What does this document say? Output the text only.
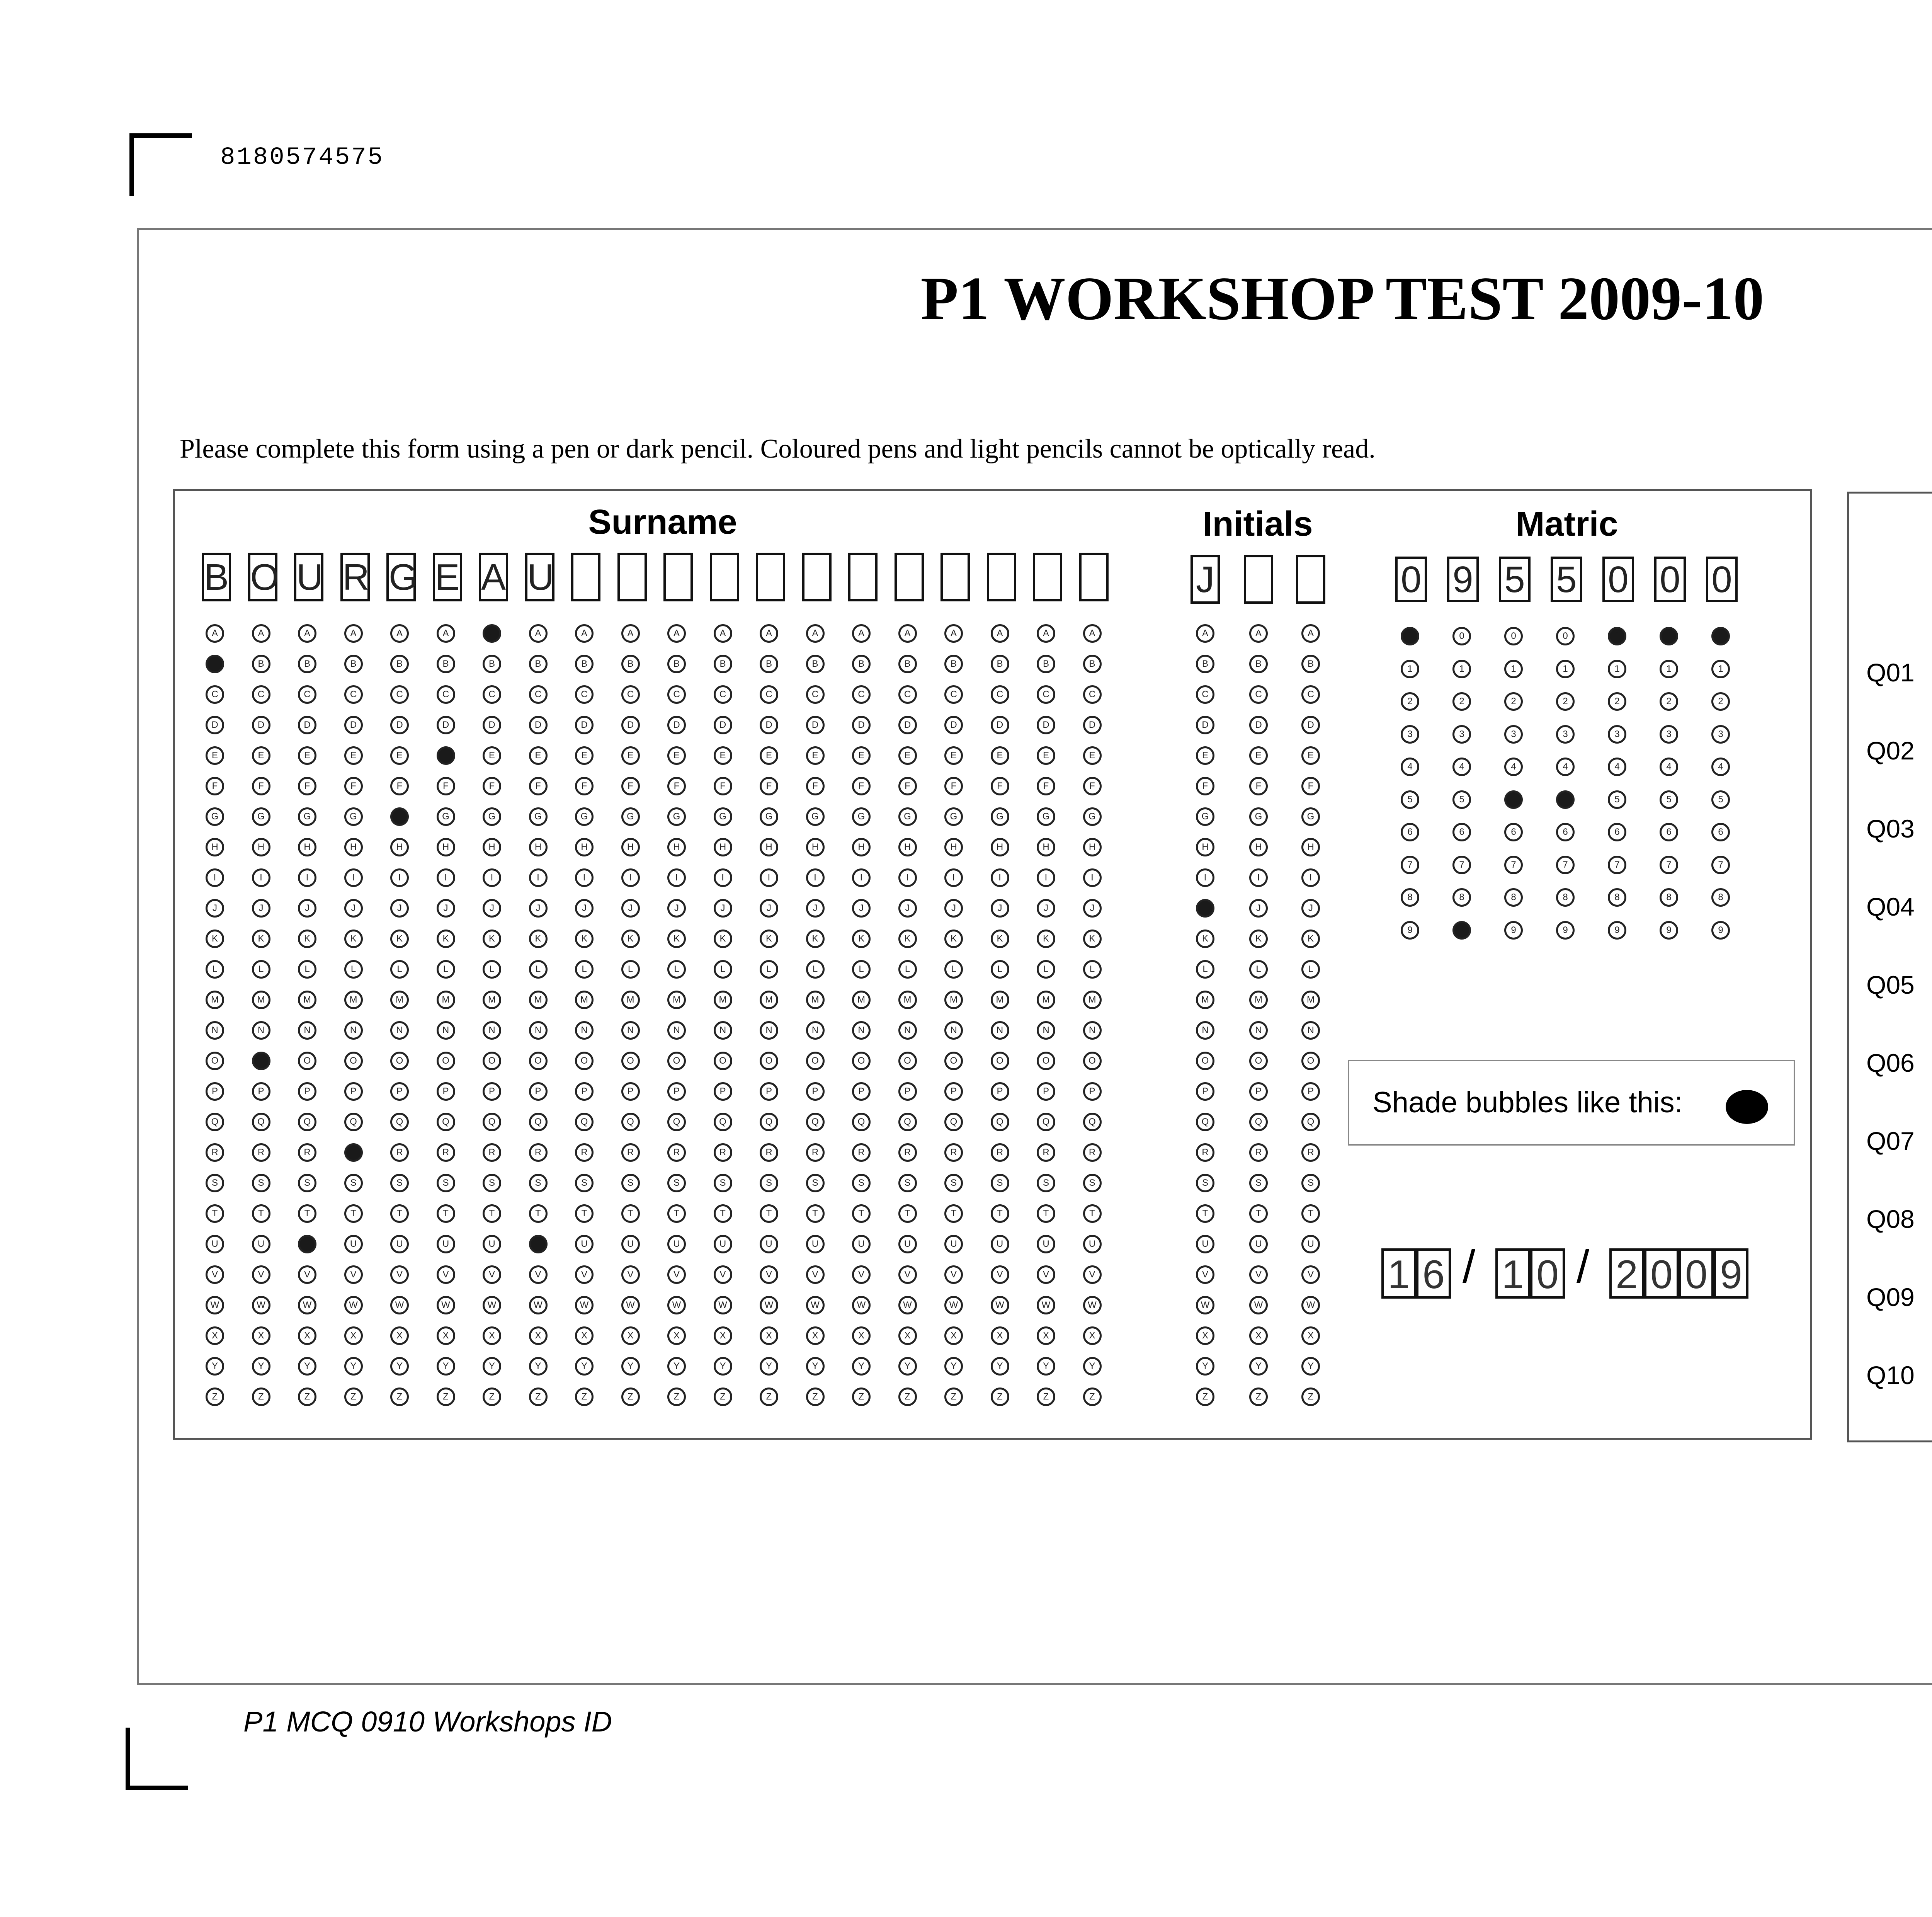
8180574575
P1 WORKSHOP TEST 2009-10
Please complete this form using a pen or dark pencil. Coloured pens and light pencils cannot be optically read.
Surname	Initials	Matric
Shade bubbles like this:
P1 MCQ 0910 Workshops ID
B
A
B
C
D
E
F
G
H
I
J
K
L
M
N
O
P
Q
R
S
T
U
V
W
X
Y
Z
O
A
B
C
D
E
F
G
H
I
J
K
L
M
N
O
P
Q
R
S
T
U
V
W
X
Y
Z
U
A
B
C
D
E
F
G
H
I
J
K
L
M
N
O
P
Q
R
S
T
U
V
W
X
Y
Z
R
A
B
C
D
E
F
G
H
I
J
K
L
M
N
O
P
Q
R
S
T
U
V
W
X
Y
Z
G
A
B
C
D
E
F
G
H
I
J
K
L
M
N
O
P
Q
R
S
T
U
V
W
X
Y
Z
E
A
B
C
D
E
F
G
H
I
J
K
L
M
N
O
P
Q
R
S
T
U
V
W
X
Y
Z
A
A
B
C
D
E
F
G
H
I
J
K
L
M
N
O
P
Q
R
S
T
U
V
W
X
Y
Z
U
A
B
C
D
E
F
G
H
I
J
K
L
M
N
O
P
Q
R
S
T
U
V
W
X
Y
Z
A
B
C
D
E
F
G
H
I
J
K
L
M
N
O
P
Q
R
S
T
U
V
W
X
Y
Z
A
B
C
D
E
F
G
H
I
J
K
L
M
N
O
P
Q
R
S
T
U
V
W
X
Y
Z
A
B
C
D
E
F
G
H
I
J
K
L
M
N
O
P
Q
R
S
T
U
V
W
X
Y
Z
A
B
C
D
E
F
G
H
I
J
K
L
M
N
O
P
Q
R
S
T
U
V
W
X
Y
Z
A
B
C
D
E
F
G
H
I
J
K
L
M
N
O
P
Q
R
S
T
U
V
W
X
Y
Z
A
B
C
D
E
F
G
H
I
J
K
L
M
N
O
P
Q
R
S
T
U
V
W
X
Y
Z
A
B
C
D
E
F
G
H
I
J
K
L
M
N
O
P
Q
R
S
T
U
V
W
X
Y
Z
A
B
C
D
E
F
G
H
I
J
K
L
M
N
O
P
Q
R
S
T
U
V
W
X
Y
Z
A
B
C
D
E
F
G
H
I
J
K
L
M
N
O
P
Q
R
S
T
U
V
W
X
Y
Z
A
B
C
D
E
F
G
H
I
J
K
L
M
N
O
P
Q
R
S
T
U
V
W
X
Y
Z
A
B
C
D
E
F
G
H
I
J
K
L
M
N
O
P
Q
R
S
T
U
V
W
X
Y
Z
A
B
C
D
E
F
G
H
I
J
K
L
M
N
O
P
Q
R
S
T
U
V
W
X
Y
Z
J
A
B
C
D
E
F
G
H
I
J
K
L
M
N
O
P
Q
R
S
T
U
V
W
X
Y
Z
A
B
C
D
E
F
G
H
I
J
K
L
M
N
O
P
Q
R
S
T
U
V
W
X
Y
Z
A
B
C
D
E
F
G
H
I
J
K
L
M
N
O
P
Q
R
S
T
U
V
W
X
Y
Z
0
0
1
2
3
4
5
6
7
8
9
9
0
1
2
3
4
5
6
7
8
9
5
0
1
2
3
4
5
6
7
8
9
5
0
1
2
3
4
5
6
7
8
9
0
0
1
2
3
4
5
6
7
8
9
0
0
1
2
3
4
5
6
7
8
9
0
0
1
2
3
4
5
6
7
8
9
1 6 1 0 2 0 0 9
/ /
Q01
Q02
Q03
Q04
Q05
Q06
Q07
Q08
Q09
Q10
